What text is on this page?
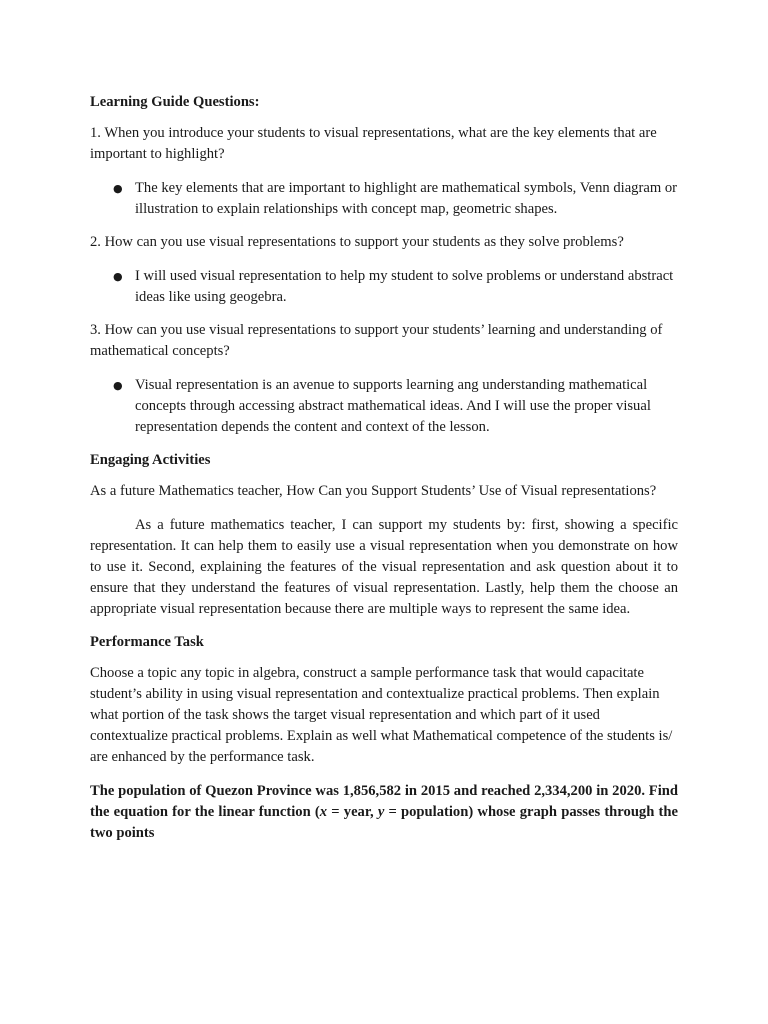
Learning Guide Questions:
1. When you introduce your students to visual representations, what are the key elements that are important to highlight?
● The key elements that are important to highlight are mathematical symbols, Venn diagram or illustration to explain relationships with concept map, geometric shapes.
2. How can you use visual representations to support your students as they solve problems?
● I will used visual representation to help my student to solve problems or understand abstract ideas like using geogebra.
3. How can you use visual representations to support your students’ learning and understanding of mathematical concepts?
● Visual representation is an avenue to supports learning ang understanding mathematical concepts through accessing abstract mathematical ideas. And I will use the proper visual representation depends the content and context of the lesson.
Engaging Activities
As a future Mathematics teacher, How Can you Support Students’ Use of Visual representations?
As a future mathematics teacher, I can support my students by: first, showing a specific representation. It can help them to easily use a visual representation when you demonstrate on how to use it. Second, explaining the features of the visual representation and ask question about it to ensure that they understand the features of visual representation. Lastly, help them the choose an appropriate visual representation because there are multiple ways to represent the same idea.
Performance Task
Choose a topic any topic in algebra, construct a sample performance task that would capacitate student’s ability in using visual representation and contextualize practical problems. Then explain what portion of the task shows the target visual representation and which part of it used contextualize practical problems. Explain as well what Mathematical competence of the students is/ are enhanced by the performance task.

The population of Quezon Province was 1,856,582 in 2015 and reached 2,334,200 in 2020. Find the equation for the linear function (x = year, y = population) whose graph passes through the two points
